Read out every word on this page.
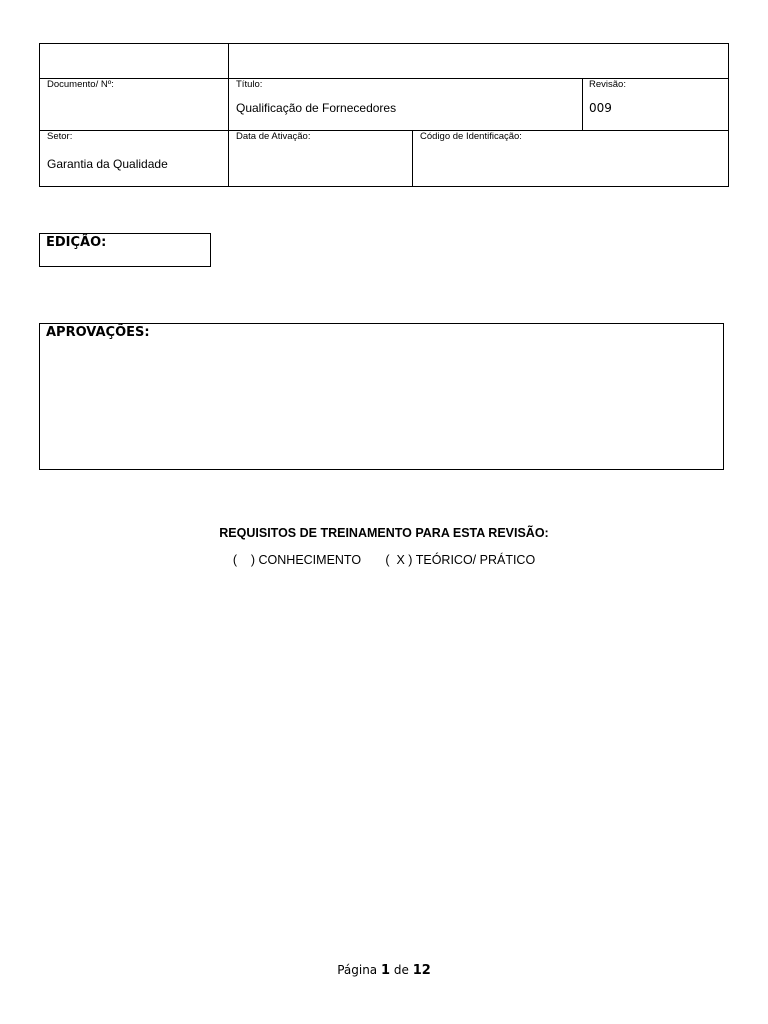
Documento/ Nº:	Título:
Qualificação de Fornecedores
Revisão:
009
Setor:
Garantia da Qualidade
Data de Ativação:	Código de Identificação:
EDIÇÃO:
APROVAÇÕES:
REQUISITOS DE TREINAMENTO PARA ESTA REVISÃO:
(    ) CONHECIMENTO (  X ) TEÓRICO/ PRÁTICO
Página 1 de 12
